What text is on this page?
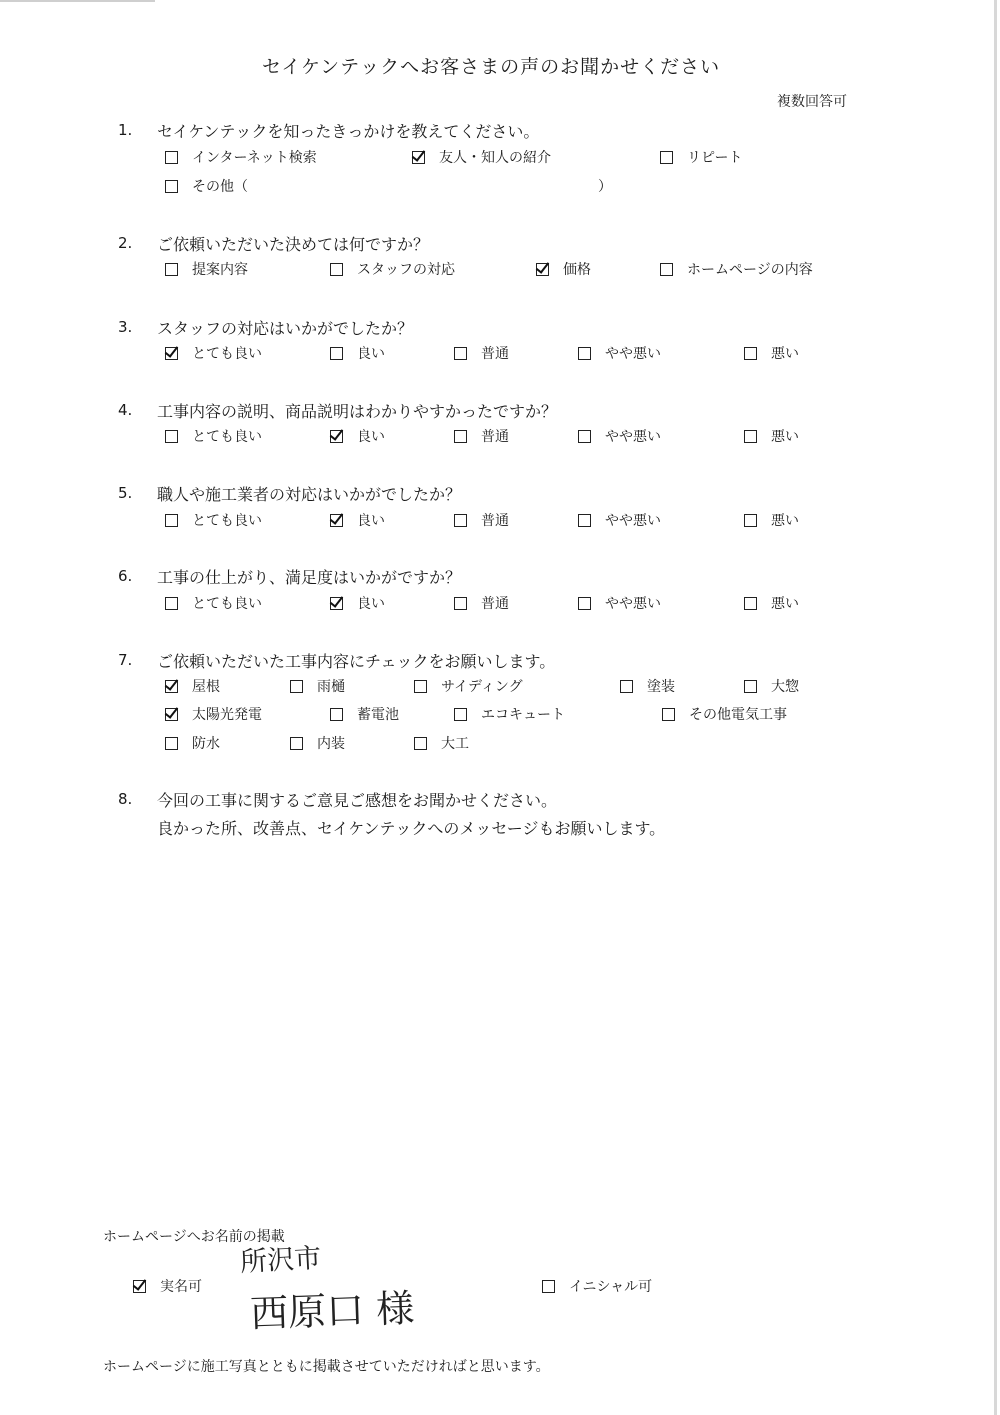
セイケンテックへお客さまの声のお聞かせください
複数回答可
1. セイケンテックを知ったきっかけを教えてください。
インターネット検索	友人・知人の紹介	リピート
その他（	）
2. ご依頼いただいた決めては何ですか？
提案内容	スタッフの対応	価格	ホームページの内容
3. スタッフの対応はいかがでしたか？
とても良い	良い	普通	やや悪い	悪い
4. 工事内容の説明、商品説明はわかりやすかったですか？
とても良い	良い	普通	やや悪い	悪い
5. 職人や施工業者の対応はいかがでしたか？
とても良い	良い	普通	やや悪い	悪い
6. 工事の仕上がり、満足度はいかがですか？
とても良い	良い	普通	やや悪い	悪い
7. ご依頼いただいた工事内容にチェックをお願いします。
屋根	雨樋	サイディング	塗装	大惣
太陽光発電	蓄電池	エコキュート	その他電気工事
防水	内装	大工
8. 今回の工事に関するご意見ご感想をお聞かせください。
良かった所、改善点、セイケンテックへのメッセージもお願いします。
ホームページへお名前の掲載
所沢市
実名可 西原口 様	イニシャル可
ホームページに施工写真とともに掲載させていただければと思います。
